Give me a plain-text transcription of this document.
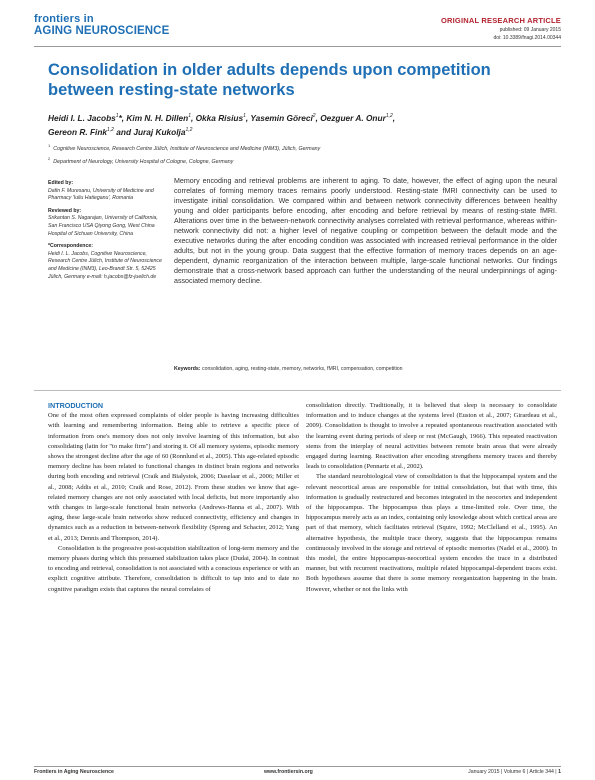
frontiers in
AGING NEUROSCIENCE
ORIGINAL RESEARCH ARTICLE
published: 09 January 2015
doi: 10.3389/fnagi.2014.00344
Consolidation in older adults depends upon competition between resting-state networks
Heidi I. L. Jacobs$^1$*, Kim N. H. Dillen$^1$, Okka Risius$^1$, Yasemin Göreci$^2$, Oezguer A. Onur$^{1,2}$,
Gereon R. Fink$^{1,2}$ and Juraj Kukolja$^{1,2}$
$^1$Cognitive Neuroscience, Research Centre Jülich, Institute of Neuroscience and Medicine (INM3), Jülich, Germany
$^2$Department of Neurology, University Hospital of Cologne, Cologne, Germany
Edited by:
Dafin F. Muresanu, University of Medicine and Pharmacy 'Iuliu Hatieganu', Romania
Reviewed by:
Srikantan S. Nagarajan, University of California, San Francisco USA Qiyong Gong, West China Hospital of Sichuan University, China
*Correspondence:
Heidi I. L. Jacobs, Cognitive Neuroscience, Research Centre Jülich, Institute of Neuroscience and Medicine (INM3), Leo-Brandt Str. 5, 52425 Jülich, Germany e-mail: h.jacobs@fz-juelich.de
Memory encoding and retrieval problems are inherent to aging. To date, however, the effect of aging upon the neural correlates of forming memory traces remains poorly understood. Resting-state fMRI connectivity can be used to investigate initial consolidation. We compared within and between network connectivity differences between healthy young and older participants before encoding, after encoding and before retrieval by means of resting-state fMRI. Alterations over time in the between-network connectivity analyses correlated with retrieval performance, whereas within-network connectivity did not: a higher level of negative coupling or competition between the default mode and the executive networks during the after encoding condition was associated with increased retrieval performance in the older adults, but not in the young group. Data suggest that the effective formation of memory traces depends on an age-dependent, dynamic reorganization of the interaction between multiple, large-scale functional networks. Our findings demonstrate that a cross-network based approach can further the understanding of the neural underpinnings of aging-associated memory decline.
Keywords: consolidation, aging, resting-state, memory, networks, fMRI, compensation, competition
INTRODUCTION

One of the most often expressed complaints of older people is having increasing difficulties with learning and remembering information. Being able to retrieve a specific piece of information from one's memory does not only involve learning of this information, but also consolidating (latin for "to make firm") and storing it. Of all memory systems, episodic memory shows the strongest decline after the age of 60 (Ronnlund et al., 2005). This age-related episodic memory decline has been related to functional changes in distinct brain regions and networks during both encoding and retrieval (Craik and Bialystok, 2006; Daselaar et al., 2006; Miller et al., 2008; Addis et al., 2010; Craik and Rose, 2012). From these studies we know that age-related memory changes are not only associated with local deficits, but more importantly also with changes in large-scale functional brain networks (Andrews-Hanna et al., 2007). With aging, these large-scale brain networks show reduced connectivity, efficiency and changes in dynamics such as a reduction in between-network flexibility (Spreng and Schacter, 2012; Yang et al., 2013; Dennis and Thompson, 2014).

Consolidation is the progressive post-acquisition stabilization of long-term memory and the memory phases during which this presumed stabilization takes place (Dudai, 2004). In contrast to encoding and retrieval, consolidation is not associated with a conscious experience or with an explicit cognitive attribute. Therefore, consolidation is difficult to tap into and to date no cognitive paradigm exists that captures the neural correlates of

consolidation directly. Traditionally, it is believed that sleep is necessary to consolidate information and to induce changes at the systems level (Euston et al., 2007; Girardeau et al., 2009). Consolidation is thought to involve a repeated spontaneous reactivation associated with the learning event during periods of sleep or rest (McGaugh, 1966). This repeated reactivation stems from the interplay of neural activities between remote brain areas that were already engaged during learning. Reactivation after encoding strengthens memory traces and thereby leads to consolidation (Pennartz et al., 2002).

The standard neurobiological view of consolidation is that the hippocampal system and the relevant neocortical areas are responsible for initial consolidation, but that with time, this information is gradually restructured and becomes integrated in the neocortex and independent of the hippocampus. The hippocampus thus plays a time-limited role. Over time, the hippocampus merely acts as an index, containing only knowledge about which cortical areas are part of that memory, which facilitates retrieval (Squire, 1992; McClelland et al., 1995). An alternative hypothesis, the multiple trace theory, suggests that the hippocampus remains continuously involved in the storage and retrieval of episodic memories (Nadel et al., 2000). In this model, the entire hippocampus-neocortical system encodes the trace in a distributed manner, but with recurrent reactivations, multiple related hippocampal-dependent traces exist. Both hypotheses assume that there is some memory reorganization happening in the brain. However, whether or not the links with

Frontiers in Aging Neuroscience	www.frontiersin.org	January 2015 | Volume 6 | Article 344 | 1
